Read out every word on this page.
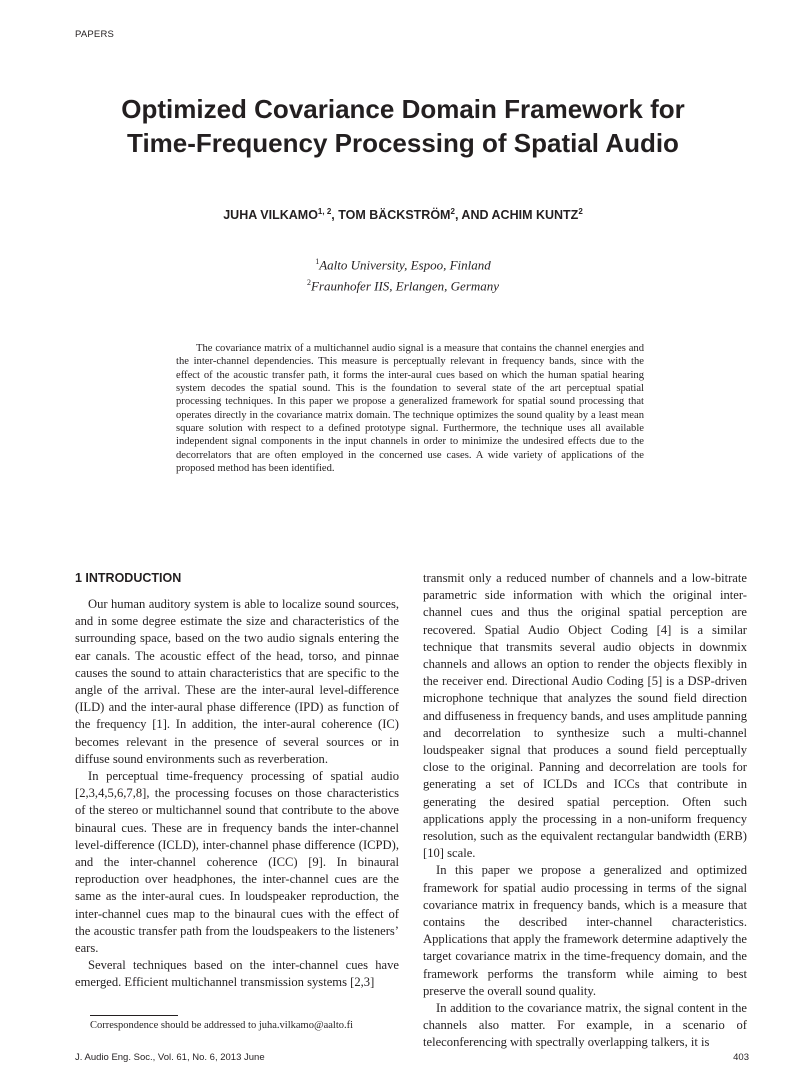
PAPERS
Optimized Covariance Domain Framework for
Time-Frequency Processing of Spatial Audio
JUHA VILKAMO$^{1, 2}$, TOM BÄCKSTRÖM$^2$, AND ACHIM KUNTZ$^2$
$^1$Aalto University, Espoo, Finland
$^2$Fraunhofer IIS, Erlangen, Germany

The covariance matrix of a multichannel audio signal is a measure that contains the channel energies and the inter-channel dependencies. This measure is perceptually relevant in frequency bands, since with the effect of the acoustic transfer path, it forms the inter-aural cues based on which the human spatial hearing system decodes the spatial sound. This is the foundation to several state of the art perceptual spatial processing techniques. In this paper we propose a generalized framework for spatial sound processing that operates directly in the covariance matrix domain. The technique optimizes the sound quality by a least mean square solution with respect to a defined prototype signal. Furthermore, the technique uses all available independent signal components in the input channels in order to minimize the undesired effects due to the decorrelators that are often employed in the concerned use cases. A wide variety of applications of the proposed method has been identified.

1 INTRODUCTION

Our human auditory system is able to localize sound sources, and in some degree estimate the size and characteristics of the surrounding space, based on the two audio signals entering the ear canals. The acoustic effect of the head, torso, and pinnae causes the sound to attain characteristics that are specific to the angle of the arrival. These are the inter-aural level-difference (ILD) and the inter-aural phase difference (IPD) as function of the frequency [1]. In addition, the inter-aural coherence (IC) becomes relevant in the presence of several sources or in diffuse sound environments such as reverberation.

In perceptual time-frequency processing of spatial audio [2,3,4,5,6,7,8], the processing focuses on those characteristics of the stereo or multichannel sound that contribute to the above binaural cues. These are in frequency bands the inter-channel level-difference (ICLD), inter-channel phase difference (ICPD), and the inter-channel coherence (ICC) [9]. In binaural reproduction over headphones, the inter-channel cues are the same as the inter-aural cues. In loudspeaker reproduction, the inter-channel cues map to the binaural cues with the effect of the acoustic transfer path from the loudspeakers to the listeners’ ears.

Several techniques based on the inter-channel cues have emerged. Efficient multichannel transmission systems [2,3]

transmit only a reduced number of channels and a low-bitrate parametric side information with which the original inter-channel cues and thus the original spatial perception are recovered. Spatial Audio Object Coding [4] is a similar technique that transmits several audio objects in downmix channels and allows an option to render the objects flexibly in the receiver end. Directional Audio Coding [5] is a DSP-driven microphone technique that analyzes the sound field direction and diffuseness in frequency bands, and uses amplitude panning and decorrelation to synthesize such a multi-channel loudspeaker signal that produces a sound field perceptually close to the original. Panning and decorrelation are tools for generating a set of ICLDs and ICCs that contribute in generating the desired spatial perception. Often such applications apply the processing in a non-uniform frequency resolution, such as the equivalent rectangular bandwidth (ERB) [10] scale.

In this paper we propose a generalized and optimized framework for spatial audio processing in terms of the signal covariance matrix in frequency bands, which is a measure that contains the described inter-channel characteristics. Applications that apply the framework determine adaptively the target covariance matrix in the time-frequency domain, and the framework performs the transform while aiming to best preserve the overall sound quality.

In addition to the covariance matrix, the signal content in the channels also matter. For example, in a scenario of teleconferencing with spectrally overlapping talkers, it is

Correspondence should be addressed to juha.vilkamo@aalto.fi
J. Audio Eng. Soc., Vol. 61, No. 6, 2013 June	403
